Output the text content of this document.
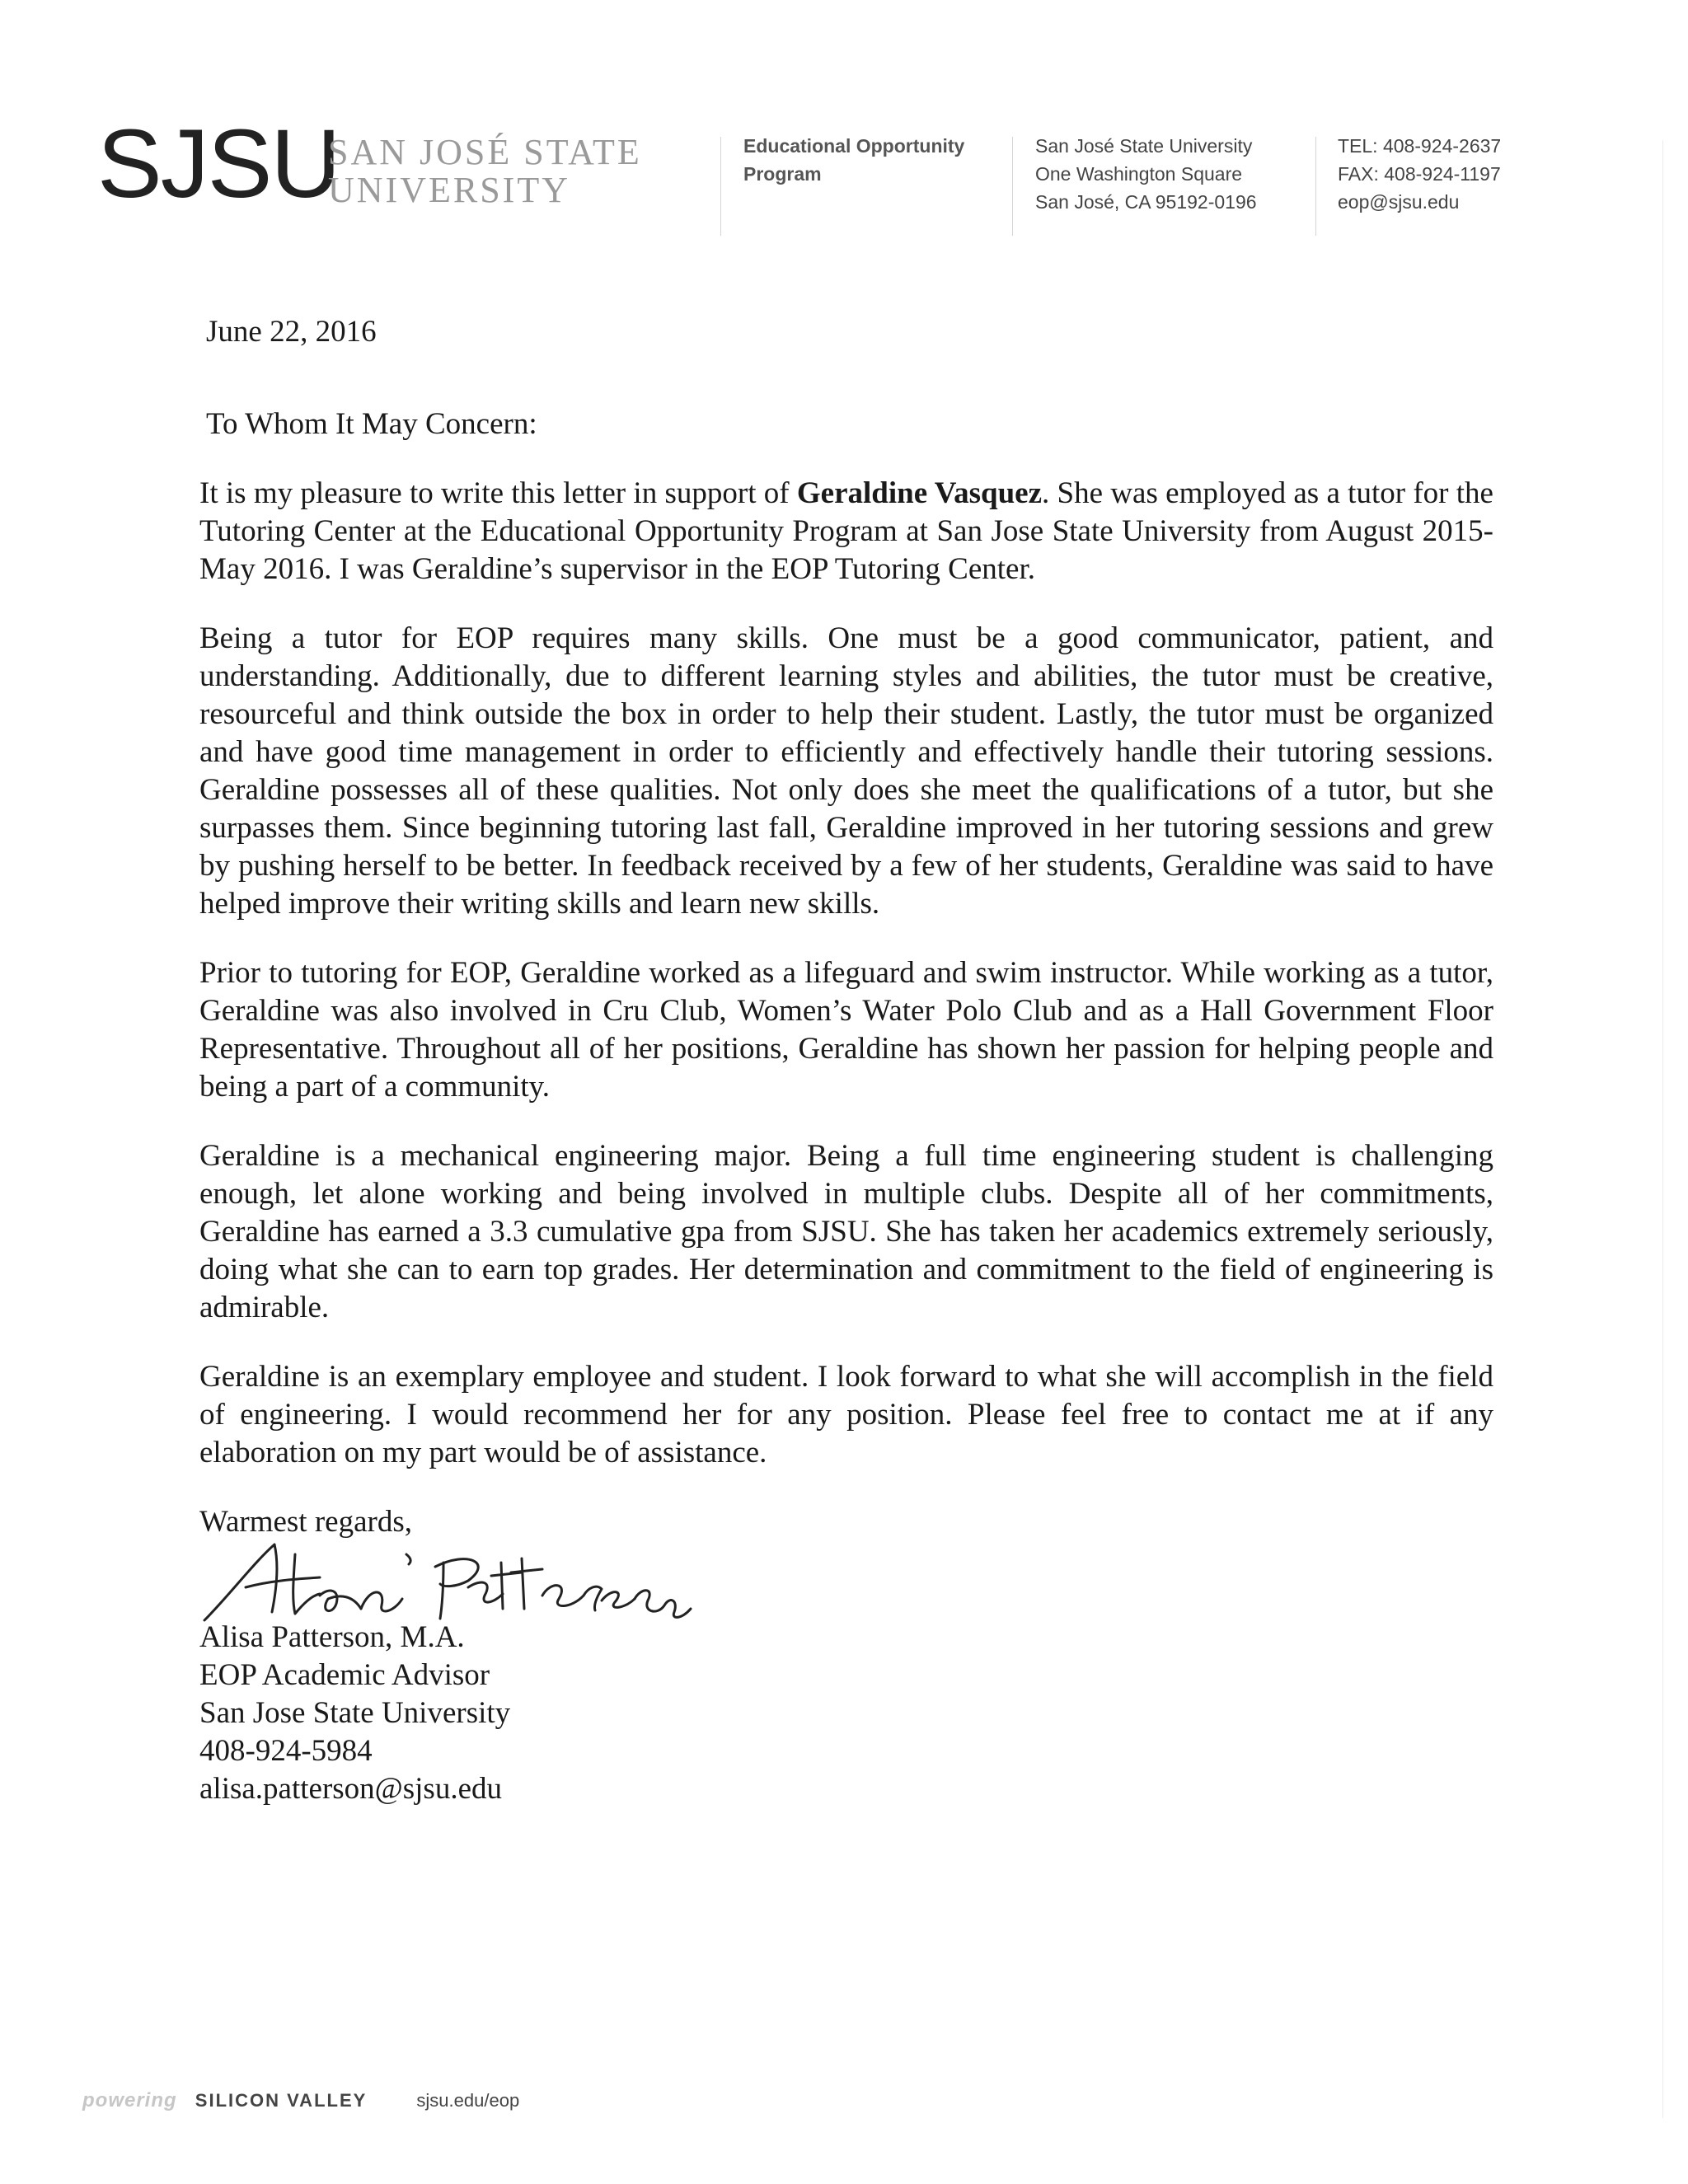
SJSU
SAN JOSÉ STATE
UNIVERSITY
Educational Opportunity
Program
San José State University
One Washington Square
San José, CA 95192-0196
TEL: 408-924-2637
FAX: 408-924-1197
eop@sjsu.edu
June 22, 2016
To Whom It May Concern:
It is my pleasure to write this letter in support of Geraldine Vasquez. She was employed as a tutor for the Tutoring Center at the Educational Opportunity Program at San Jose State University from August 2015-May 2016. I was Geraldine’s supervisor in the EOP Tutoring Center.
Being a tutor for EOP requires many skills. One must be a good communicator, patient, and understanding. Additionally, due to different learning styles and abilities, the tutor must be creative, resourceful and think outside the box in order to help their student. Lastly, the tutor must be organized and have good time management in order to efficiently and effectively handle their tutoring sessions. Geraldine possesses all of these qualities. Not only does she meet the qualifications of a tutor, but she surpasses them. Since beginning tutoring last fall, Geraldine improved in her tutoring sessions and grew by pushing herself to be better. In feedback received by a few of her students, Geraldine was said to have helped improve their writing skills and learn new skills.
Prior to tutoring for EOP, Geraldine worked as a lifeguard and swim instructor. While working as a tutor, Geraldine was also involved in Cru Club, Women’s Water Polo Club and as a Hall Government Floor Representative. Throughout all of her positions, Geraldine has shown her passion for helping people and being a part of a community.
Geraldine is a mechanical engineering major. Being a full time engineering student is challenging enough, let alone working and being involved in multiple clubs. Despite all of her commitments, Geraldine has earned a 3.3 cumulative gpa from SJSU. She has taken her academics extremely seriously, doing what she can to earn top grades. Her determination and commitment to the field of engineering is admirable.
Geraldine is an exemplary employee and student. I look forward to what she will accomplish in the field of engineering. I would recommend her for any position. Please feel free to contact me at if any elaboration on my part would be of assistance.
Warmest regards,
Alisa Patterson, M.A.
EOP Academic Advisor
San Jose State University
408-924-5984
alisa.patterson@sjsu.edu
powering SILICON VALLEY	sjsu.edu/eop
